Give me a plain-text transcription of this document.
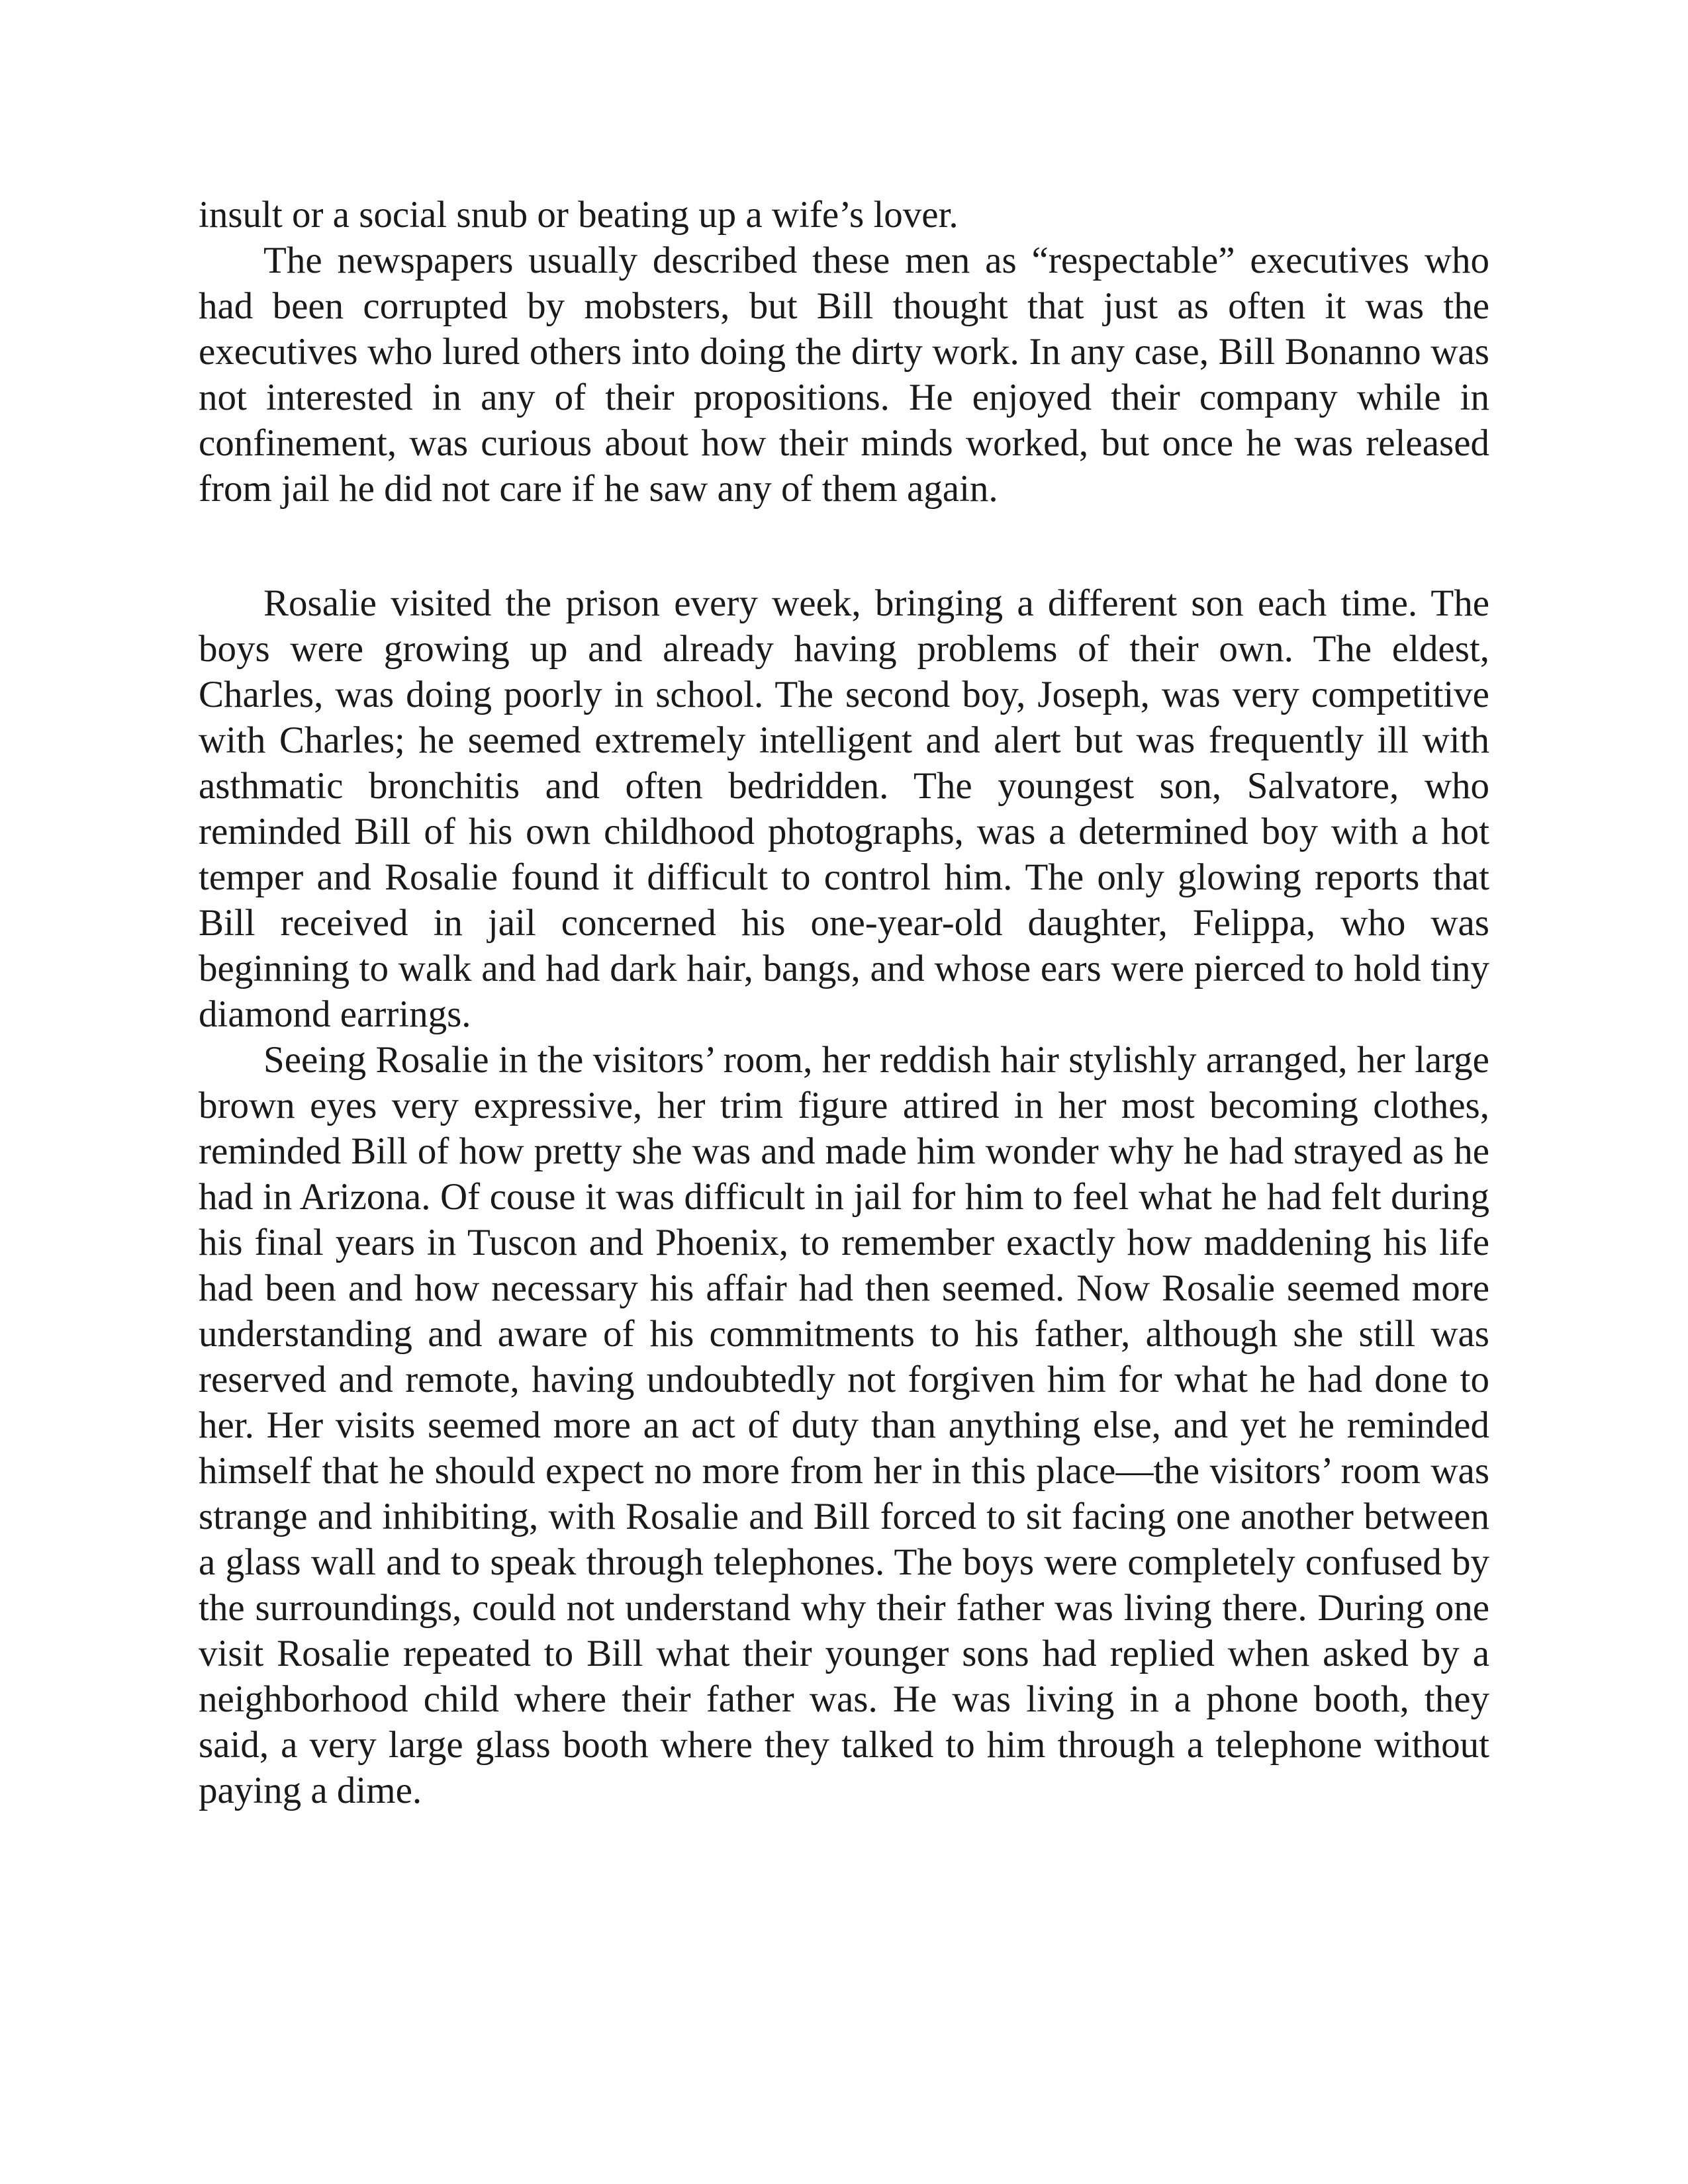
insult or a social snub or beating up a wife’s lover.

The newspapers usually described these men as “respectable” executives who had been corrupted by mobsters, but Bill thought that just as often it was the executives who lured others into doing the dirty work. In any case, Bill Bonanno was not interested in any of their propositions. He enjoyed their company while in confinement, was curious about how their minds worked, but once he was released from jail he did not care if he saw any of them again.

Rosalie visited the prison every week, bringing a different son each time. The boys were growing up and already having problems of their own. The eldest, Charles, was doing poorly in school. The second boy, Joseph, was very competitive with Charles; he seemed extremely intelligent and alert but was frequently ill with asthmatic bronchitis and often bedridden. The youngest son, Salvatore, who reminded Bill of his own childhood photographs, was a determined boy with a hot temper and Rosalie found it difficult to control him. The only glowing reports that Bill received in jail concerned his one-year-old daughter, Felippa, who was beginning to walk and had dark hair, bangs, and whose ears were pierced to hold tiny diamond earrings.

Seeing Rosalie in the visitors’ room, her reddish hair stylishly arranged, her large brown eyes very expressive, her trim figure attired in her most becoming clothes, reminded Bill of how pretty she was and made him wonder why he had strayed as he had in Arizona. Of couse it was difficult in jail for him to feel what he had felt during his final years in Tuscon and Phoenix, to remember exactly how maddening his life had been and how necessary his affair had then seemed. Now Rosalie seemed more understanding and aware of his commitments to his father, although she still was reserved and remote, having undoubtedly not forgiven him for what he had done to her. Her visits seemed more an act of duty than anything else, and yet he reminded himself that he should expect no more from her in this place—the visitors’ room was strange and inhibiting, with Rosalie and Bill forced to sit facing one another between a glass wall and to speak through telephones. The boys were completely confused by the surroundings, could not understand why their father was living there. During one visit Rosalie repeated to Bill what their younger sons had replied when asked by a neighborhood child where their father was. He was living in a phone booth, they said, a very large glass booth where they talked to him through a telephone without paying a dime.
